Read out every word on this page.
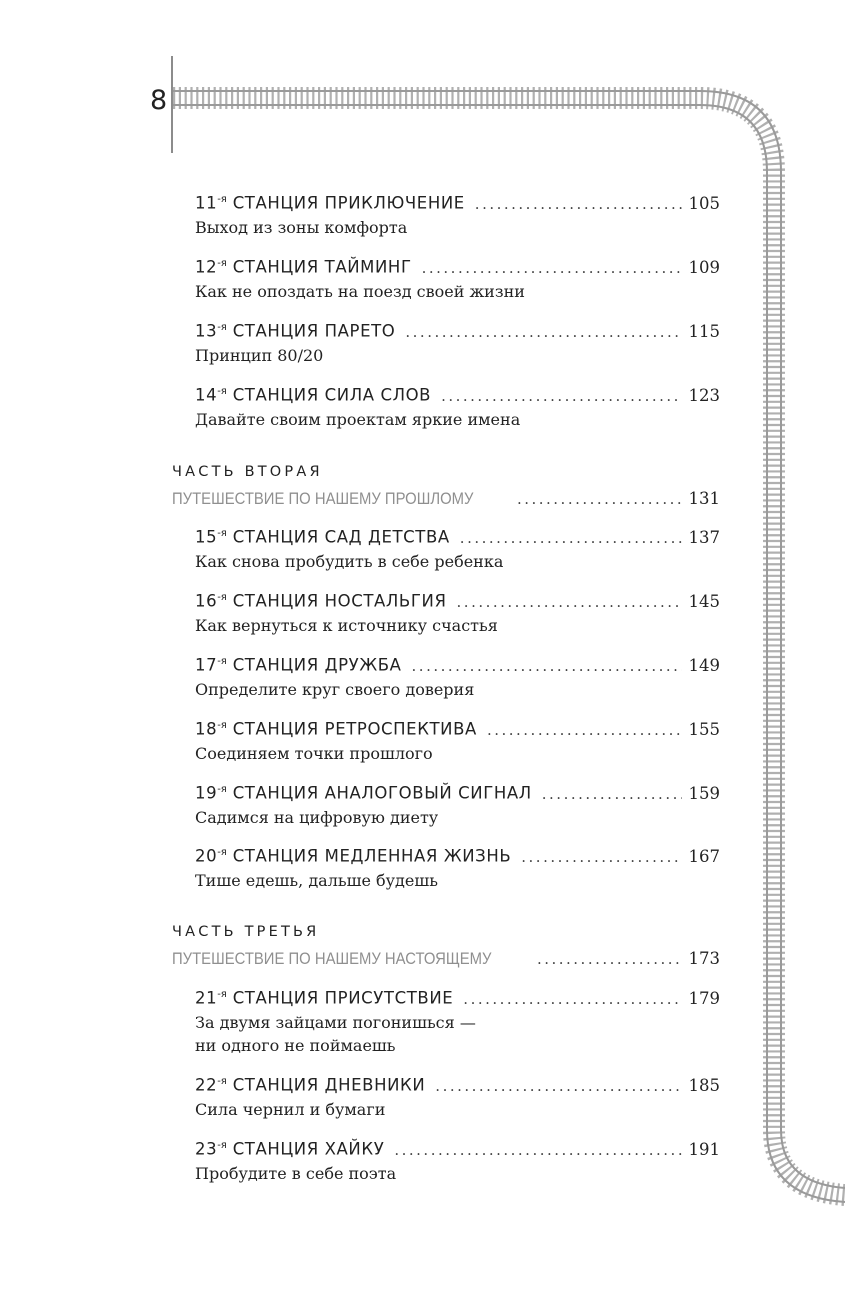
8
$11^{-я}$ СТАНЦИЯ ПРИКЛЮЧЕНИЕ .....	105
Выход из зоны комфорта
$12^{-я}$ СТАНЦИЯ ТАЙМИНГ .....	109
Как не опоздать на поезд своей жизни
$13^{-я}$ СТАНЦИЯ ПАРЕТО .....	115
Принцип 80/20
$14^{-я}$ СТАНЦИЯ СИЛА СЛОВ .....	123
Давайте своим проектам яркие имена
ЧАСТЬ ВТОРАЯ
ПУТЕШЕСТВИЕ ПО НАШЕМУ ПРОШЛОМУ .....	131
$15^{-я}$ СТАНЦИЯ САД ДЕТСТВА .....	137
Как снова пробудить в себе ребенка
$16^{-я}$ СТАНЦИЯ НОСТАЛЬГИЯ .....	145
Как вернуться к источнику счастья
$17^{-я}$ СТАНЦИЯ ДРУЖБА .....	149
Определите круг своего доверия
$18^{-я}$ СТАНЦИЯ РЕТРОСПЕКТИВА .....	155
Соединяем точки прошлого
$19^{-я}$ СТАНЦИЯ АНАЛОГОВЫЙ СИГНАЛ .....	159
Садимся на цифровую диету
$20^{-я}$ СТАНЦИЯ МЕДЛЕННАЯ ЖИЗНЬ .....	167
Тише едешь, дальше будешь
ЧАСТЬ ТРЕТЬЯ
ПУТЕШЕСТВИЕ ПО НАШЕМУ НАСТОЯЩЕМУ .....	173
$21^{-я}$ СТАНЦИЯ ПРИСУТСТВИЕ .....	179
За двумя зайцами погонишься —
ни одного не поймаешь
$22^{-я}$ СТАНЦИЯ ДНЕВНИКИ .....	185
Сила чернил и бумаги
$23^{-я}$ СТАНЦИЯ ХАЙКУ .....	191
Пробудите в себе поэта
